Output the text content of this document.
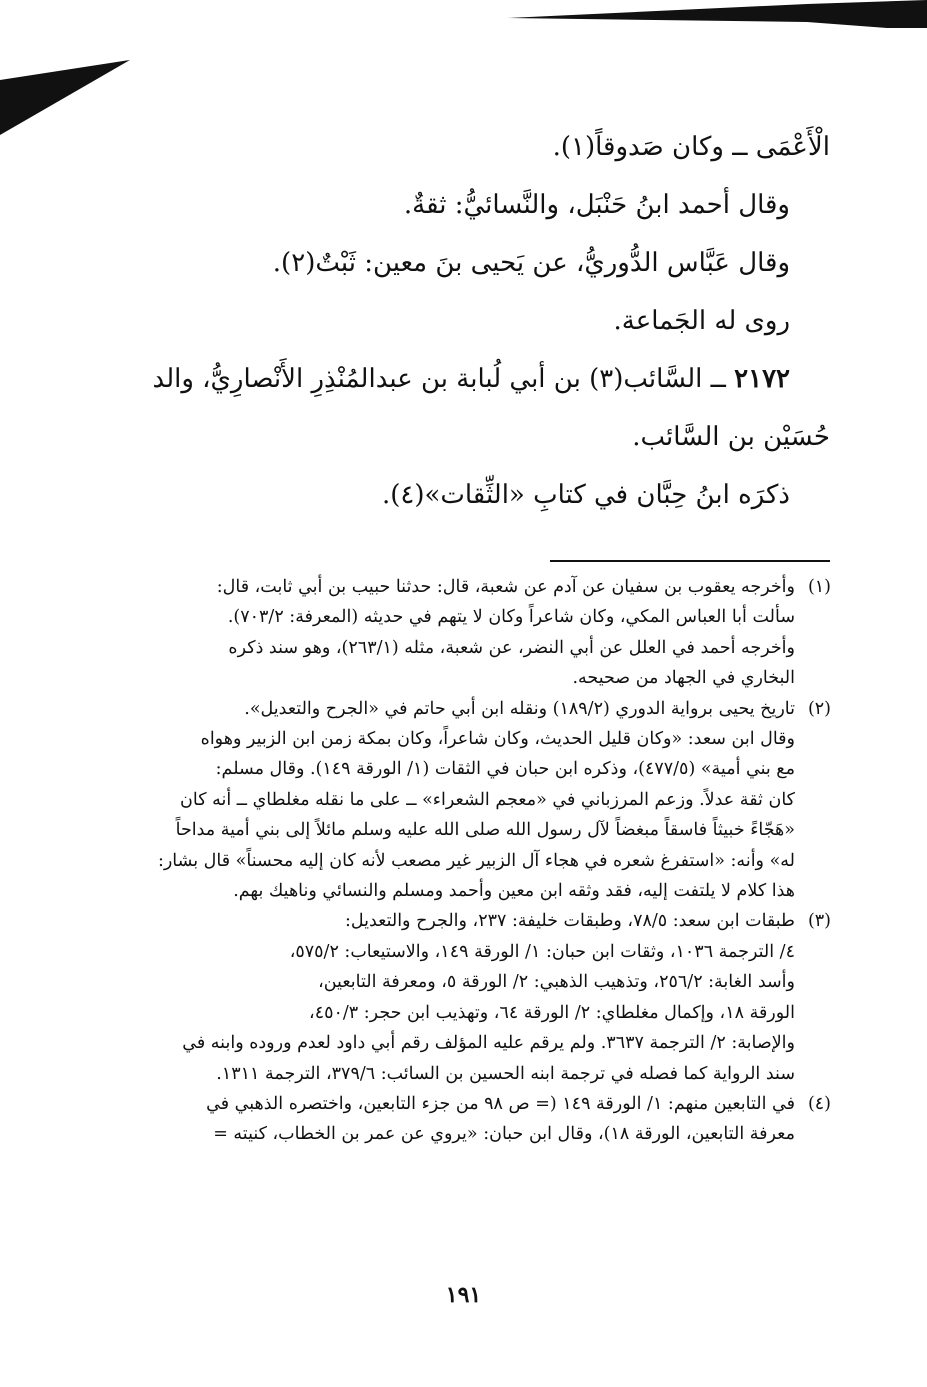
الْأَعْمَى ــ وكان صَدوقاً(١).

وقال أحمد ابنُ حَنْبَل، والنَّسائيُّ: ثقةٌ.

وقال عَبَّاس الدُّوريُّ، عن يَحيى بنَ معين: ثَبْتٌ(٢).

روى له الجَماعة.

٢١٧٢ ــ السَّائب(٣) بن أبي لُبابة بن عبدالمُنْذِرِ الأَنْصارِيُّ، والد

حُسَيْن بن السَّائب.

ذكرَه ابنُ حِبَّان في كتابِ «الثِّقات»(٤).

(١)
وأخرجه يعقوب بن سفيان عن آدم عن شعبة، قال: حدثنا حبيب بن أبي ثابت، قال:
سألت أبا العباس المكي، وكان شاعراً وكان لا يتهم في حديثه (المعرفة: ٧٠٣/٢).
وأخرجه أحمد في العلل عن أبي النضر، عن شعبة، مثله (٢٦٣/١)، وهو سند ذكره
البخاري في الجهاد من صحيحه.
(٢)
تاريخ يحيى برواية الدوري (١٨٩/٢) ونقله ابن أبي حاتم في «الجرح والتعديل».
وقال ابن سعد: «وكان قليل الحديث، وكان شاعراً، وكان بمكة زمن ابن الزبير وهواه
مع بني أمية» (٤٧٧/٥)، وذكره ابن حبان في الثقات (١/ الورقة ١٤٩). وقال مسلم:
كان ثقة عدلاً. وزعم المرزباني في «معجم الشعراء» ــ على ما نقله مغلطاي ــ أنه كان
«هَجّاءً خبيثاً فاسقاً مبغضاً لآل رسول الله صلى الله عليه وسلم مائلاً إلى بني أمية مداحاً
له» وأنه: «استفرغ شعره في هجاء آل الزبير غير مصعب لأنه كان إليه محسناً» قال بشار:
هذا كلام لا يلتفت إليه، فقد وثقه ابن معين وأحمد ومسلم والنسائي وناهيك بهم.
(٣)
طبقات ابن سعد: ٧٨/٥، وطبقات خليفة: ٢٣٧، والجرح والتعديل:
٤/ الترجمة ١٠٣٦، وثقات ابن حبان: ١/ الورقة ١٤٩، والاستيعاب: ٥٧٥/٢،
وأسد الغابة: ٢٥٦/٢، وتذهيب الذهبي: ٢/ الورقة ٥، ومعرفة التابعين،
الورقة ١٨، وإكمال مغلطاي: ٢/ الورقة ٦٤، وتهذيب ابن حجر: ٤٥٠/٣،
والإصابة: ٢/ الترجمة ٣٦٣٧. ولم يرقم عليه المؤلف رقم أبي داود لعدم وروده وابنه في
سند الرواية كما فصله في ترجمة ابنه الحسين بن السائب: ٣٧٩/٦، الترجمة ١٣١١.
(٤)
في التابعين منهم: ١/ الورقة ١٤٩ (= ص ٩٨ من جزء التابعين، واختصره الذهبي في
معرفة التابعين، الورقة ١٨)، وقال ابن حبان: «يروي عن عمر بن الخطاب، كنيته =
١٩١
